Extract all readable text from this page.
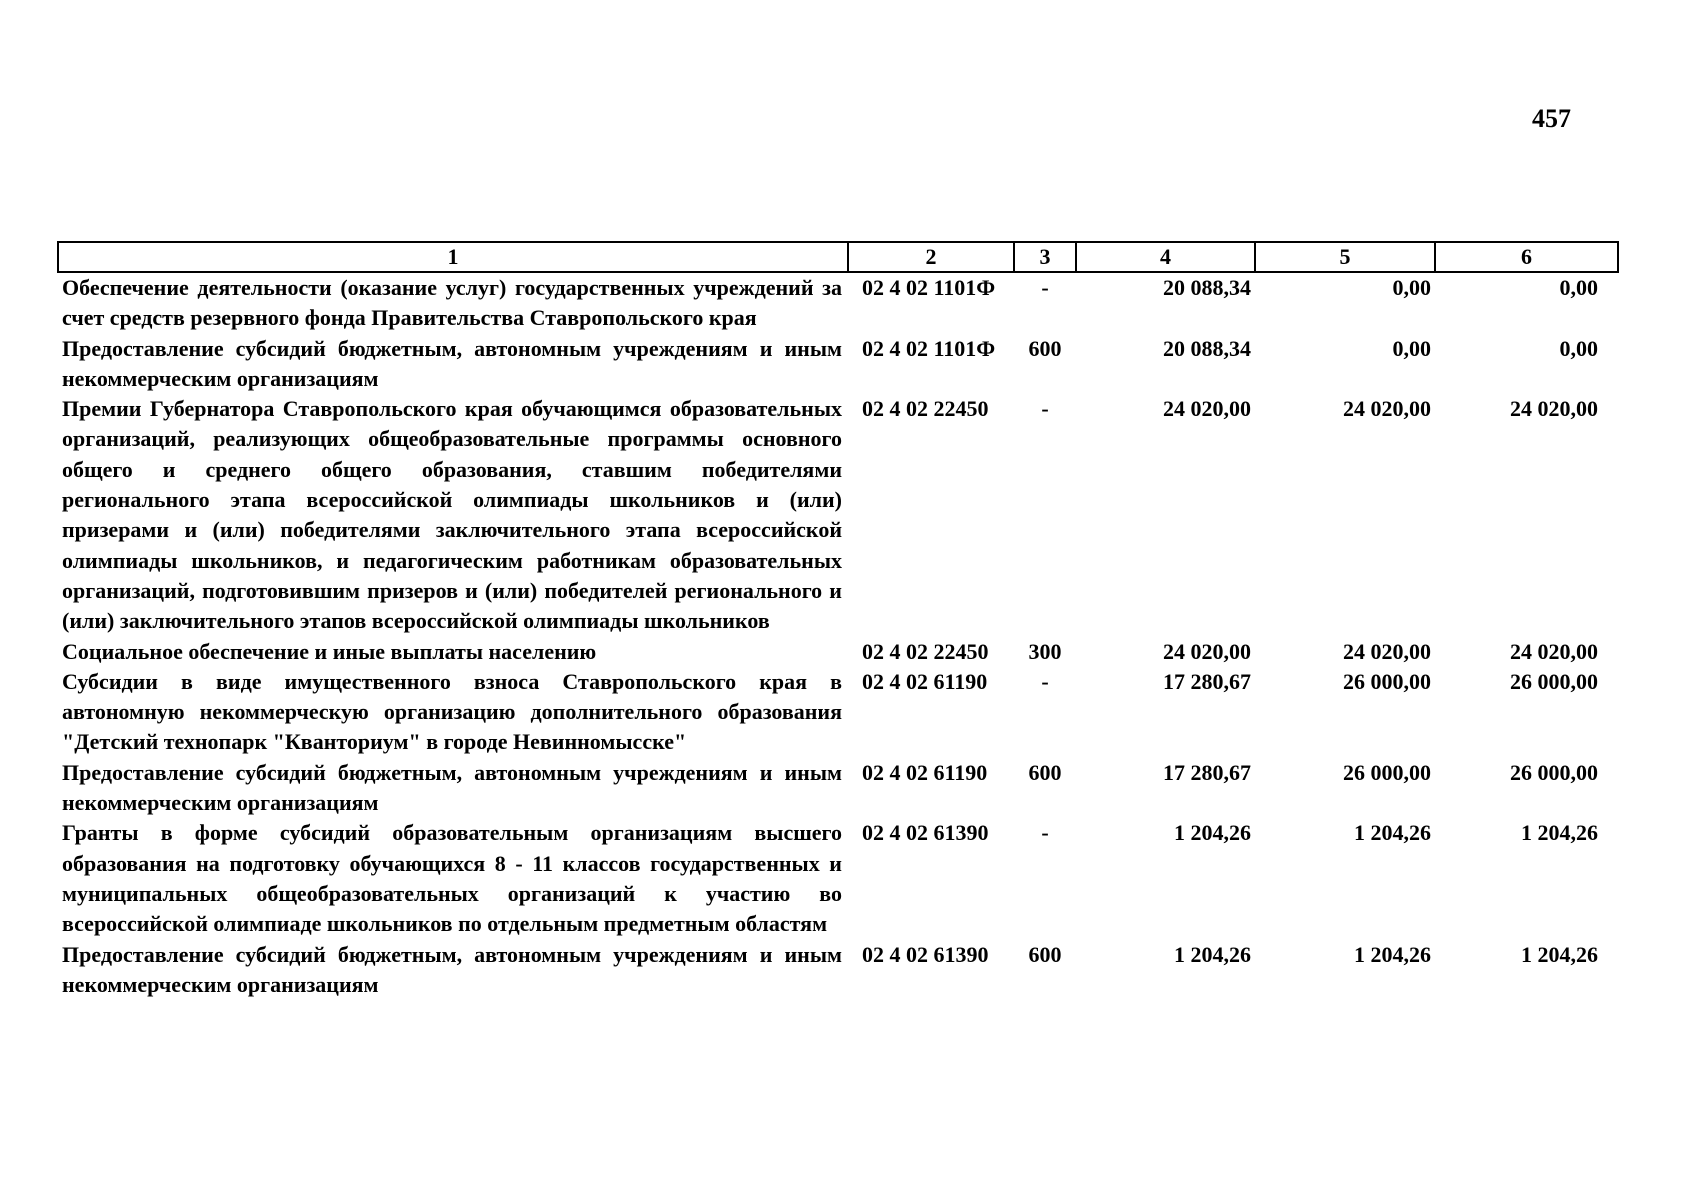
457
1	2	3	4	5	6
Обеспечение деятельности (оказание услуг) государственных учреждений за счет средств резервного фонда Правительства Ставропольского края	02 4 02 1101Ф	-	20 088,34	0,00	0,00
Предоставление субсидий бюджетным, автономным учреждениям и иным некоммерческим организациям	02 4 02 1101Ф	600	20 088,34	0,00	0,00
Премии Губернатора Ставропольского края обучающимся образовательных организаций, реализующих общеобразовательные программы основного общего и среднего общего образования, ставшим победителями регионального этапа всероссийской олимпиады школьников и (или) призерами и (или) победителями заключительного этапа всероссийской олимпиады школьников, и педагогическим работникам образовательных организаций, подготовившим призеров и (или) победителей регионального и (или) заключительного этапов всероссийской олимпиады школьников	02 4 02 22450	-	24 020,00	24 020,00	24 020,00
Социальное обеспечение и иные выплаты населению	02 4 02 22450	300	24 020,00	24 020,00	24 020,00
Субсидии в виде имущественного взноса Ставропольского края в автономную некоммерческую организацию дополнительного образования "Детский технопарк "Кванториум" в городе Невинномысске"	02 4 02 61190	-	17 280,67	26 000,00	26 000,00
Предоставление субсидий бюджетным, автономным учреждениям и иным некоммерческим организациям	02 4 02 61190	600	17 280,67	26 000,00	26 000,00
Гранты в форме субсидий образовательным организациям высшего образования на подготовку обучающихся 8 - 11 классов государственных и муниципальных общеобразовательных организаций к участию во всероссийской олимпиаде школьников по отдельным предметным областям	02 4 02 61390	-	1 204,26	1 204,26	1 204,26
Предоставление субсидий бюджетным, автономным учреждениям и иным некоммерческим организациям	02 4 02 61390	600	1 204,26	1 204,26	1 204,26
